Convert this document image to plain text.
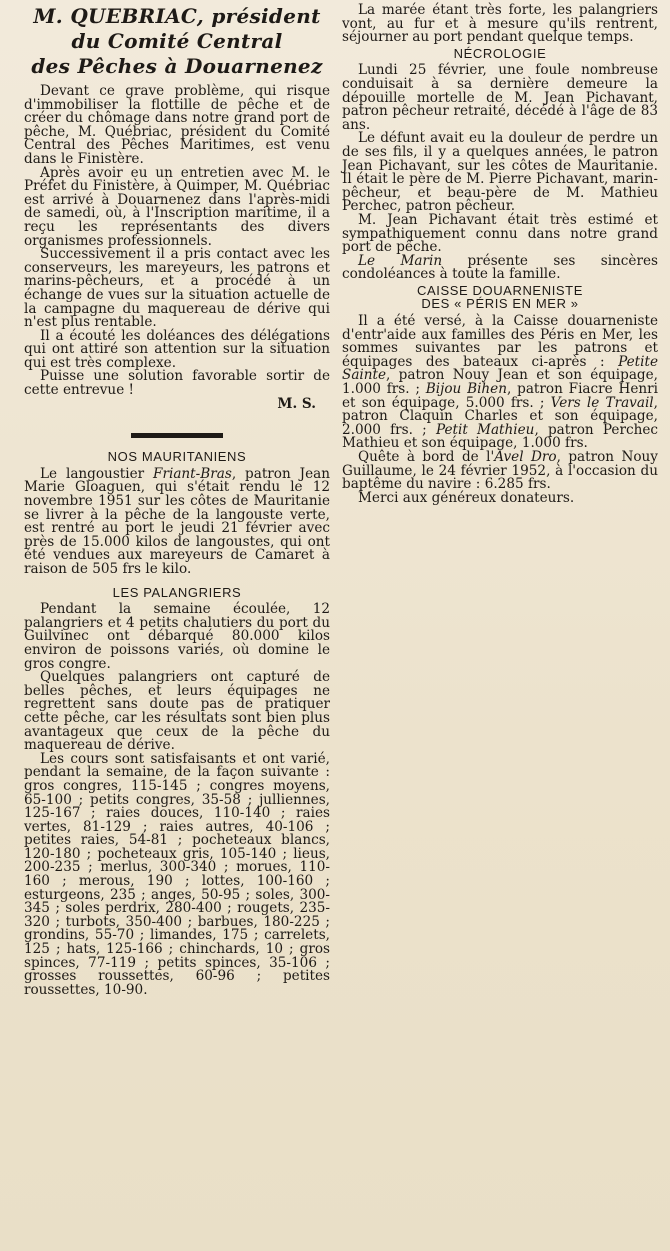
M. QUEBRIAC, président
du Comité Central
des Pêches à Douarnenez

Devant ce grave problème, qui risque d'immobiliser la flottille de pêche et de créer du chômage dans notre grand port de pêche, M. Québriac, président du Comité Central des Pêches Maritimes, est venu dans le Finistère.

Après avoir eu un entretien avec M. le Préfet du Finistère, à Quimper, M. Québriac est arrivé à Douarnenez dans l'après-midi de samedi, où, à l'Inscription maritime, il a reçu les représentants des divers organismes professionnels.

Successivement il a pris contact avec les conserveurs, les mareyeurs, les patrons et marins-pêcheurs, et a procédé à un échange de vues sur la situation actuelle de la campagne du maquereau de dérive qui n'est plus rentable.

Il a écouté les doléances des délégations qui ont attiré son attention sur la situation qui est très complexe.

Puisse une solution favorable sortir de cette entrevue !

M. S.

NOS MAURITANIENS

Le langoustier Friant-Bras, patron Jean Marie Gloaguen, qui s'était rendu le 12 novembre 1951 sur les côtes de Mauritanie se livrer à la pêche de la langouste verte, est rentré au port le jeudi 21 février avec près de 15.000 kilos de langoustes, qui ont été vendues aux mareyeurs de Camaret à raison de 505 frs le kilo.

LES PALANGRIERS

Pendant la semaine écoulée, 12 palangriers et 4 petits chalutiers du port du Guilvinec ont débarqué 80.000 kilos environ de poissons variés, où domine le gros congre.

Quelques palangriers ont capturé de belles pêches, et leurs équipages ne regrettent sans doute pas de pratiquer cette pêche, car les résultats sont bien plus avantageux que ceux de la pêche du maquereau de dérive.

Les cours sont satisfaisants et ont varié, pendant la semaine, de la façon suivante : gros congres, 115-145 ; congres moyens, 65-100 ; petits congres, 35-58 ; julliennes, 125-167 ; raies douces, 110-140 ; raies vertes, 81-129 ; raies autres, 40-106 ; petites raies, 54-81 ; pocheteaux blancs, 120-180 ; pocheteaux gris, 105-140 ; lieus, 200-235 ; merlus, 300-340 ; morues, 110-160 ; merous, 190 ; lottes, 100-160 ; esturgeons, 235 ; anges, 50-95 ; soles, 300-345 ; soles perdrix, 280-400 ; rougets, 235-320 ; turbots, 350-400 ; barbues, 180-225 ; grondins, 55-70 ; limandes, 175 ; carrelets, 125 ; hats, 125-166 ; chinchards, 10 ; gros spinces, 77-119 ; petits spinces, 35-106 ; grosses roussettes, 60-96 ; petites roussettes, 10-90.

La marée étant très forte, les palangriers vont, au fur et à mesure qu'ils rentrent, séjourner au port pendant quelque temps.

NÉCROLOGIE

Lundi 25 février, une foule nombreuse conduisait à sa dernière demeure la dépouille mortelle de M. Jean Pichavant, patron pêcheur retraité, décédé à l'âge de 83 ans.

Le défunt avait eu la douleur de perdre un de ses fils, il y a quelques années, le patron Jean Pichavant, sur les côtes de Mauritanie. Il était le père de M. Pierre Pichavant, marin-pêcheur, et beau-père de M. Mathieu Perchec, patron pêcheur.

M. Jean Pichavant était très estimé et sympathiquement connu dans notre grand port de pêche.

Le Marin présente ses sincères condoléances à toute la famille.

CAISSE DOUARNENISTE
DES « PÉRIS EN MER »

Il a été versé, à la Caisse douarneniste d'entr'aide aux familles des Péris en Mer, les sommes suivantes par les patrons et équipages des bateaux ci-après : Petite Sainte, patron Nouy Jean et son équipage, 1.000 frs. ; Bijou Bihen, patron Fiacre Henri et son équipage, 5.000 frs. ; Vers le Travail, patron Claquin Charles et son équipage, 2.000 frs. ; Petit Mathieu, patron Perchec Mathieu et son équipage, 1.000 frs.

Quête à bord de l'Avel Dro, patron Nouy Guillaume, le 24 février 1952, à l'occasion du baptême du navire : 6.285 frs.

Merci aux généreux donateurs.
